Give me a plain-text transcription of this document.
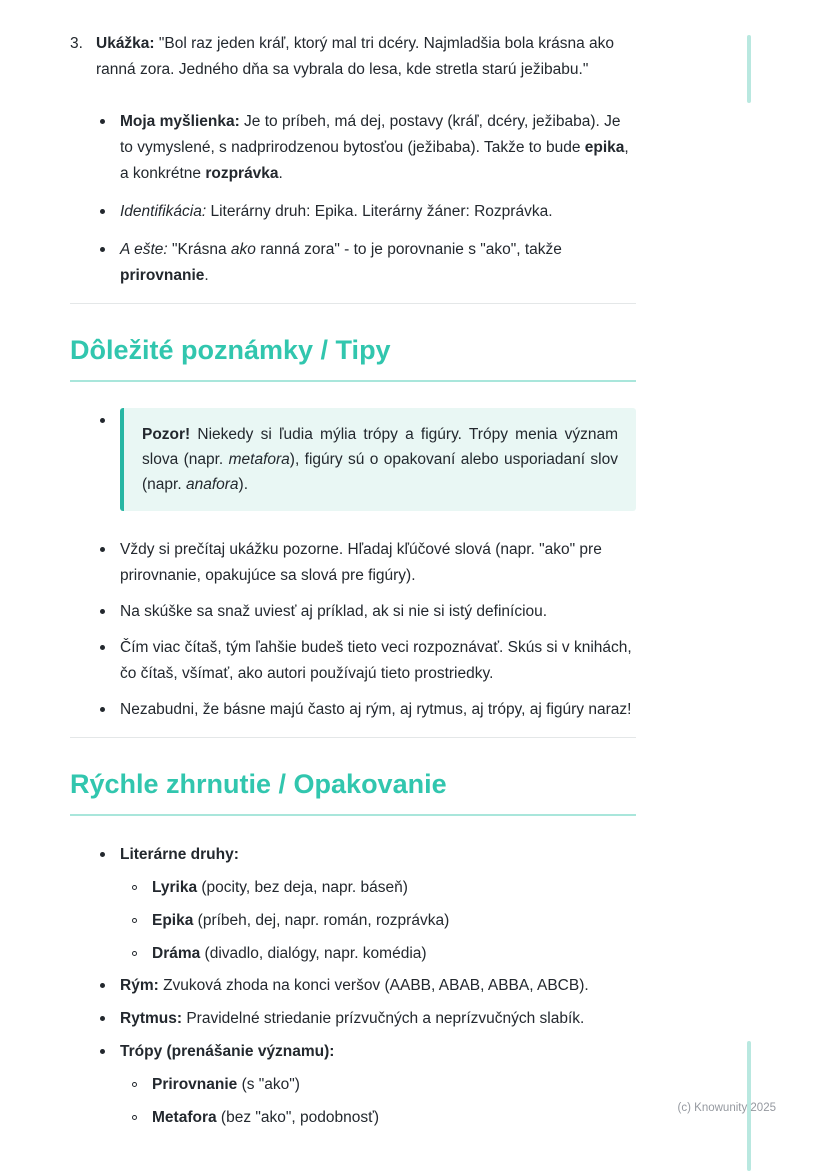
3. Ukážka: "Bol raz jeden kráľ, ktorý mal tri dcéry. Najmladšia bola krásna ako ranná zora. Jedného dňa sa vybrala do lesa, kde stretla starú ježibabu."
Moja myšlienka: Je to príbeh, má dej, postavy (kráľ, dcéry, ježibaba). Je to vymyslené, s nadprirodzenou bytosťou (ježibaba). Takže to bude epika, a konkrétne rozprávka.
Identifikácia: Literárny druh: Epika. Literárny žáner: Rozprávka.
A ešte: "Krásna ako ranná zora" - to je porovnanie s "ako", takže prirovnanie.
Dôležité poznámky / Tipy
Pozor! Niekedy si ľudia mýlia trópy a figúry. Trópy menia význam slova (napr. metafora), figúry sú o opakovaní alebo usporiadaní slov (napr. anafora).
Vždy si prečítaj ukážku pozorne. Hľadaj kľúčové slová (napr. "ako" pre prirovnanie, opakujúce sa slová pre figúry).
Na skúške sa snaž uviesť aj príklad, ak si nie si istý definíciou.
Čím viac čítaš, tým ľahšie budeš tieto veci rozpoznávať. Skús si v knihách, čo čítaš, všímať, ako autori používajú tieto prostriedky.
Nezabudni, že básne majú často aj rým, aj rytmus, aj trópy, aj figúry naraz!
Rýchle zhrnutie / Opakovanie
Literárne druhy:
Lyrika (pocity, bez deja, napr. báseň)
Epika (príbeh, dej, napr. román, rozprávka)
Dráma (divadlo, dialógy, napr. komédia)
Rým: Zvuková zhoda na konci veršov (AABB, ABAB, ABBA, ABCB).
Rytmus: Pravidelné striedanie prízvučných a neprízvučných slabík.
Trópy (prenášanie významu):
Prirovnanie (s "ako")
Metafora (bez "ako", podobnosť)
(c) Knowunity 2025
